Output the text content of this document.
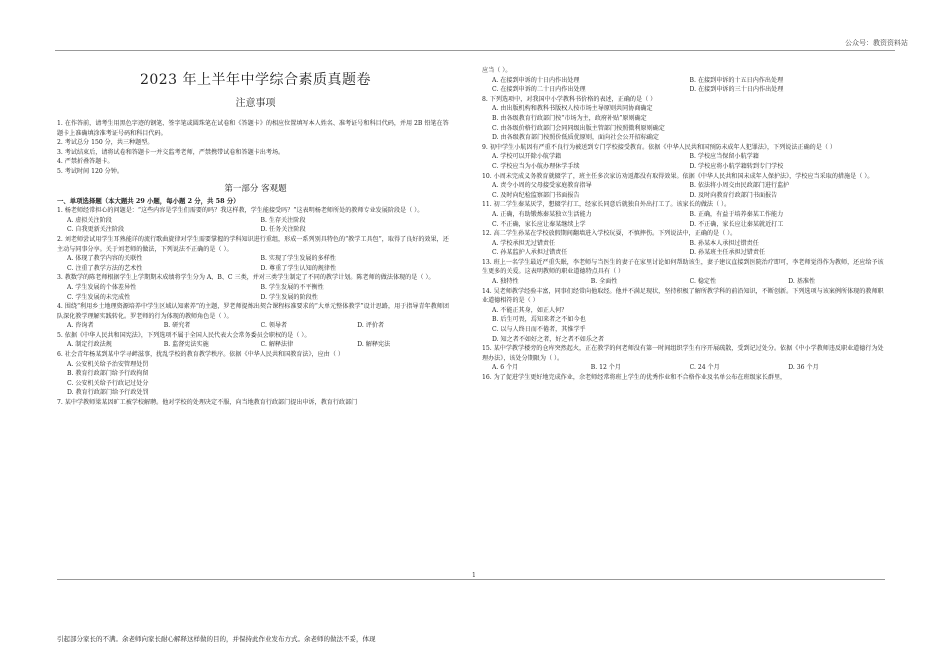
公众号：教资资料站
2023 年上半年中学综合素质真题卷
注意事项

1. 在作答前，请考生用黑色字迹的钢笔、签字笔或圆珠笔在试卷和《答题卡》的相应位置填写本人姓名、准考证号和科目代码，并用 2B 铅笔在答题卡上准确填涂准考证号码和科目代码。

2. 考试总分 150 分，共三种题型。

3. 考试结束后，请将试卷和答题卡一并交监考老师，严禁携带试卷和答题卡出考场。

4. 严禁折叠答题卡。

5. 考试时间 120 分钟。

第一部分 客观题
一、单项选择题（本大题共 29 小题，每小题 2 分，共 58 分）

1. 杨老师经常担心的问题是：“这些内容是学生们需要的吗？我这样教，学生能接受吗？”这表明杨老师所处的教师专业发展阶段是（ ）。

A. 虚拟关注阶段	B. 生存关注阶段
C. 自我更新关注阶段	D. 任务关注阶段

2. 刘老师尝试用学生耳熟能详的流行歌曲旋律对学生需要掌握的学科知识进行重组，形成一系列别具特色的“教学工具包”，取得了良好的效果，还主动与同事分享。关于刘老师的做法，下列说法不正确的是（ ）。

A. 体现了教学内容的关联性	B. 实现了学生发展的多样性
C. 注重了教学方法的艺术性	D. 尊重了学生认知的规律性

3. 教数学的陈老师根据学生上学期期末成绩将学生分为 A、B、C 三类，并对三类学生制定了不同的教学计划。陈老师的做法体现的是（ ）。

A. 学生发展的个体差异性	B. 学生发展的不平衡性
C. 学生发展的未完成性	D. 学生发展的阶段性

4. 围绕“利用乡土地理资源培养中学生区域认知素养”的主题，罗老师提炼出契合课程标准要求的“大单元整体教学”设计思路，用于指导青年教师团队深化教学理解实践转化。罗老师的行为体现的教师角色是（ ）。

A. 咨询者	B. 研究者	C. 领导者	D. 评价者

5. 依据《中华人民共和国宪法》，下列选项不属于全国人民代表大会常务委员会职权的是（ ）。

A. 制定行政法规	B. 监督宪法实施	C. 解释法律	D. 解释宪法

6. 社会青年杨某到某中学寻衅滋事，扰乱学校的教育教学秩序。依据《中华人民共和国教育法》，应由（ ）

A. 公安机关给予治安管理处罚
B. 教育行政部门给予行政拘留
C. 公安机关给予行政记过处分
D. 教育行政部门给予行政处罚

7. 某中学教师梁某因旷工被学校解聘。他对学校的处理决定不服，向当地教育行政部门提出申诉，教育行政部门

应当（ ）。

A. 在接到申诉的十日内作出处理	B. 在接到申诉的十五日内作出处理
C. 在接到申诉的二十日内作出处理	D. 在接到申诉的三十日内作出处理

8. 下列选项中，对我国中小学教科书价格的表述，正确的是（ ）

A. 由出版机构和教科书版权人按市场主导原则共同协商确定
B. 由各级教育行政部门按“市场为主，政府补贴”原则确定
C. 由各级价格行政部门会同同级出版主管部门按照微利原则确定
D. 由各级教育部门按照价低质优原则，面向社会公开招标确定

9. 初中学生小航因有严重不良行为被送到专门学校接受教育。依据《中华人民共和国预防未成年人犯罪法》，下列说法正确的是（ ）

A. 学校可以开除小航学籍	B. 学校应当保留小航学籍
C. 学校应当为小航办理休学手续	D. 学校应将小航学籍转到专门学校

10. 小周未完成义务教育就辍学了，班主任多次家访劝返都没有取得效果。依据《中华人民共和国未成年人保护法》，学校应当采取的措施是（ ）。

A. 责令小周的父母接受家庭教育指导	B. 依法将小周交由民政部门进行监护
C. 及时向纪检监察部门书面报告	D. 及时向教育行政部门书面报告

11. 初二学生秦某厌学，想辍学打工，经家长同意后就独自外出打工了。该家长的做法（ ）。

A. 正确，有助锻炼秦某独立生活能力	B. 正确，有益于培养秦某工作能力
C. 不正确，家长应让秦某继续上学	D. 不正确，家长应让秦某就近打工

12. 高二学生孙某在学校放假期间翻墙进入学校玩耍，不慎摔伤。下列说法中，正确的是（ ）。

A. 学校承担无过错责任	B. 孙某本人承担过错责任
C. 孙某监护人承担过错责任	D. 孙某班主任承担过错责任

13. 班上一名学生最近严重失眠，李老师与当医生的妻子在家里讨论如何帮助该生，妻子建议直接到医院治疗即可，李老师觉得作为教师，还应给予该生更多的关爱。这表明教师的职业道德特点具有（ ）

A. 独特性	B. 全面性	C. 稳定性	D. 基准性

14. 吴老师教学经验丰富，同事们经常向他取经。他并不满足现状，坚持积极了解所教学科的前沿知识，不断创新。下列选项与该案例所体现的教师职业道德相符的是（ ）

A. 不能正其身，如正人何？
B. 后生可畏，焉知来者之不如今也
C. 以与人终日而不倦者，其惟学乎
D. 知之者不如好之者，好之者不如乐之者

15. 某中学教学楼旁的仓库突然起火，正在教学的何老师没有第一时间组织学生有序开展疏散，受到记过处分。依据《中小学教师违反职业道德行为处理办法》，该处分期限为（ ）。

A. 6 个月	B. 12 个月	C. 24 个月	D. 36 个月

16. 为了促进学生更好地完成作业，余老师经常将班上学生的优秀作业和不合格作业及名单公布在班级家长群里，

1
引起部分家长的不满。余老师向家长耐心解释这样做的目的，并保持此作业发布方式。余老师的做法不妥，体现
